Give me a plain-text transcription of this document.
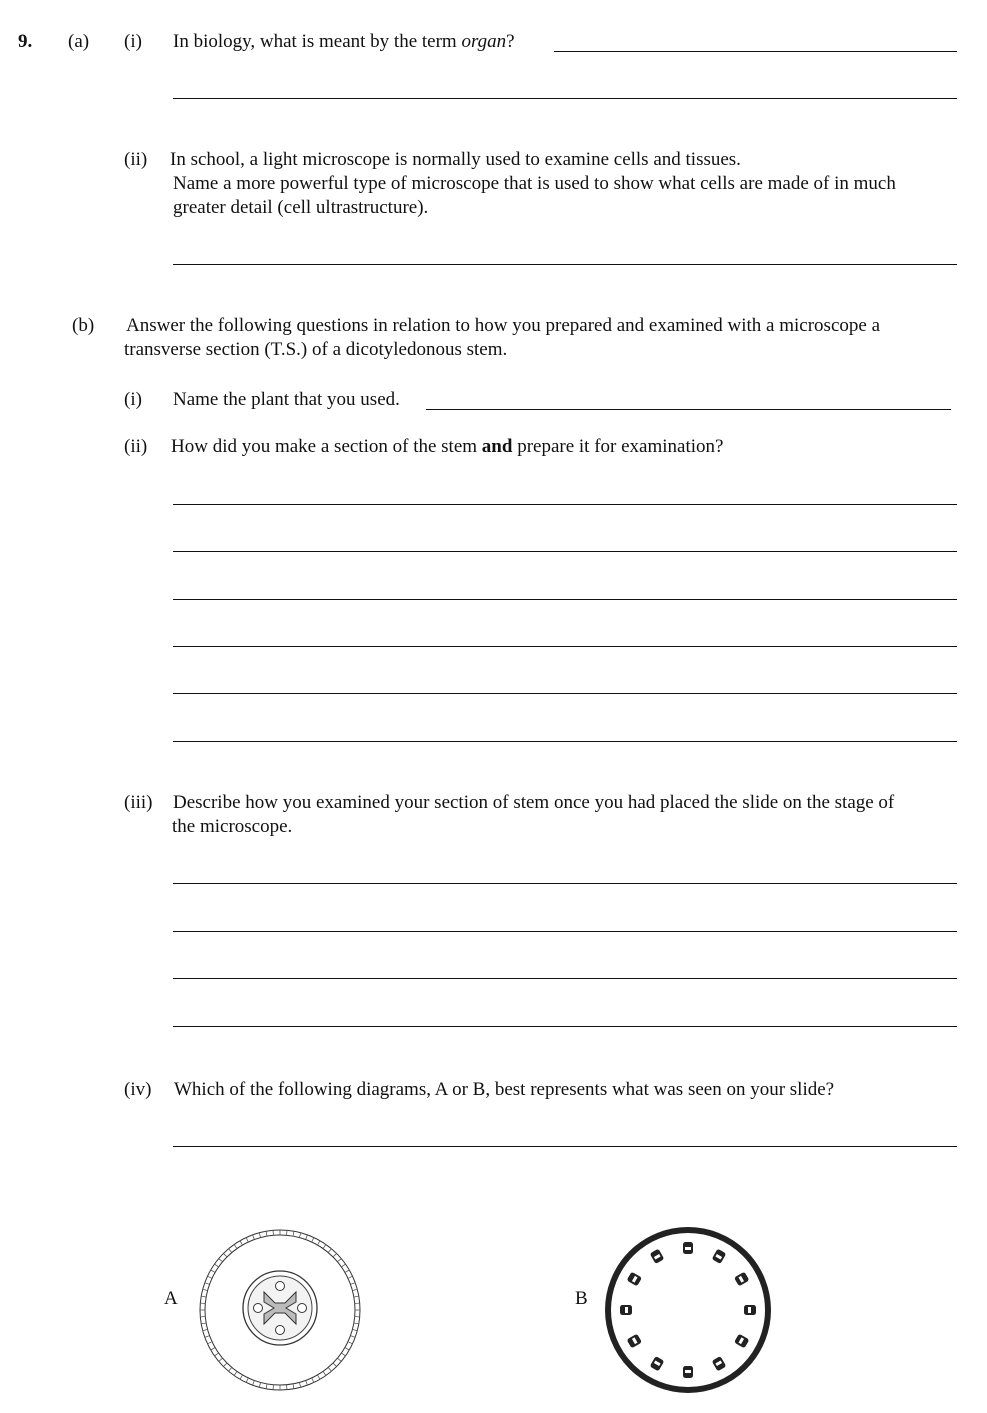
9. (a) (i) In biology, what is meant by the term organ?
(ii) In school, a light microscope is normally used to examine cells and tissues.
Name a more powerful type of microscope that is used to show what cells are made of in much
greater detail (cell ultrastructure).
(b) Answer the following questions in relation to how you prepared and examined with a microscope a
transverse section (T.S.) of a dicotyledonous stem.
(i) Name the plant that you used.
(ii) How did you make a section of the stem and prepare it for examination?
(iii) Describe how you examined your section of stem once you had placed the slide on the stage of
the microscope.
(iv) Which of the following diagrams, A or B, best represents what was seen on your slide?
A	B
